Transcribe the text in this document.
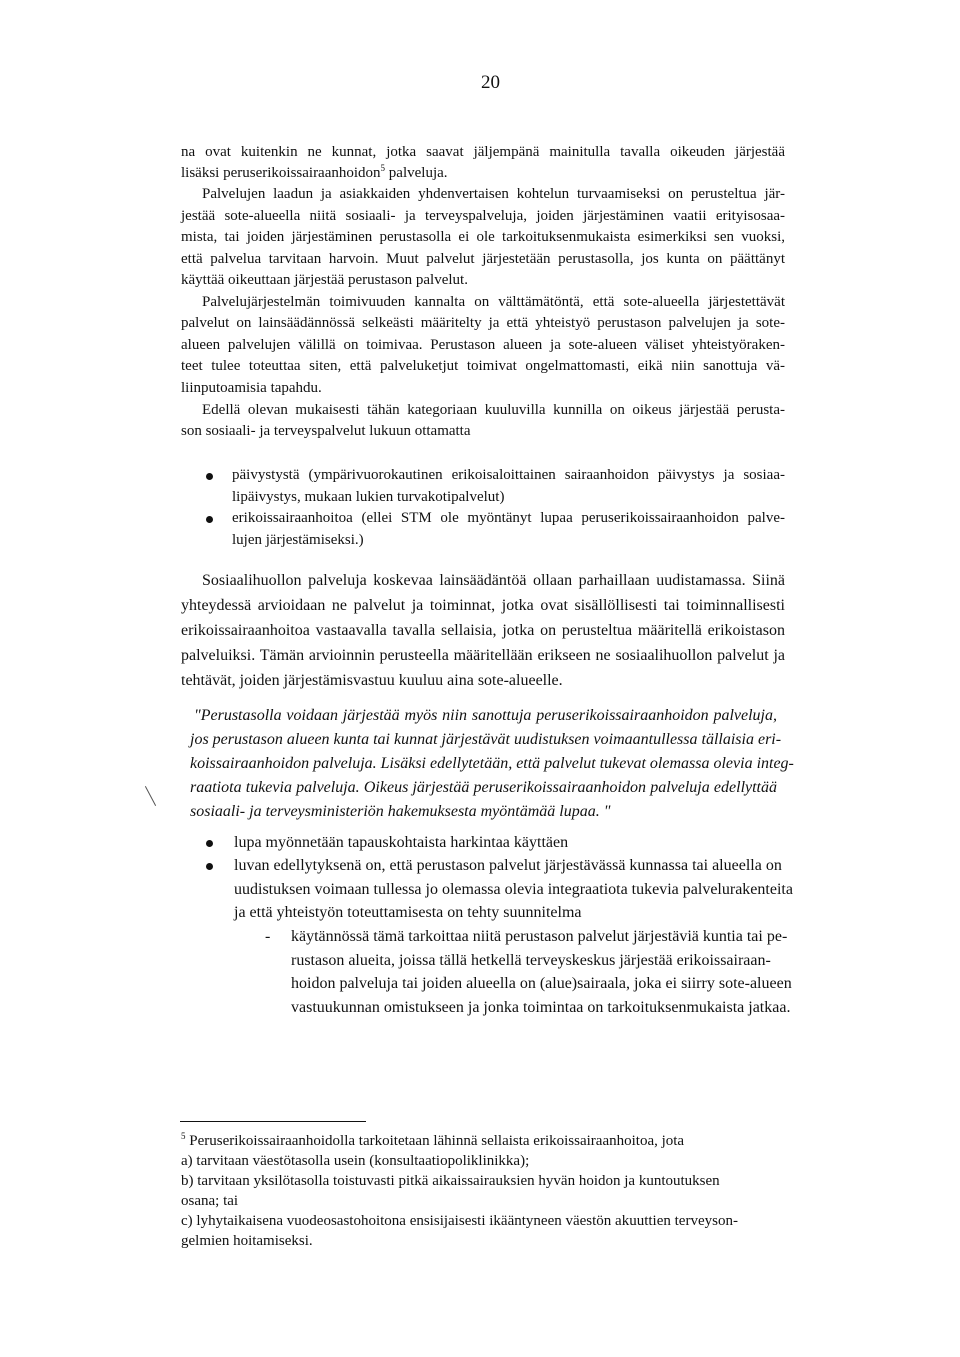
20
na ovat kuitenkin ne kunnat, jotka saavat jäljempänä mainitulla tavalla oikeuden järjestää
lisäksi peruserikoissairaanhoidon$^5$ palveluja.
Palvelujen laadun ja asiakkaiden yhdenvertaisen kohtelun turvaamiseksi on perusteltua jär-
jestää sote-alueella niitä sosiaali- ja terveyspalveluja, joiden järjestäminen vaatii erityisosaa-
mista, tai joiden järjestäminen perustasolla ei ole tarkoituksenmukaista esimerkiksi sen vuoksi,
että palvelua tarvitaan harvoin. Muut palvelut järjestetään perustasolla, jos kunta on päättänyt
käyttää oikeuttaan järjestää perustason palvelut.
Palvelujärjestelmän toimivuuden kannalta on välttämätöntä, että sote-alueella järjestettävät
palvelut on lainsäädännössä selkeästi määritelty ja että yhteistyö perustason palvelujen ja sote-
alueen palvelujen välillä on toimivaa. Perustason alueen ja sote-alueen väliset yhteistyöraken-
teet tulee toteuttaa siten, että palveluketjut toimivat ongelmattomasti, eikä niin sanottuja vä-
liinputoamisia tapahdu.
Edellä olevan mukaisesti tähän kategoriaan kuuluvilla kunnilla on oikeus järjestää perusta-
son sosiaali- ja terveyspalvelut lukuun ottamatta
päivystystä (ympärivuorokautinen erikoisaloittainen sairaanhoidon päivystys ja sosiaa-
lipäivystys, mukaan lukien turvakotipalvelut)
erikoissairaanhoitoa (ellei STM ole myöntänyt lupaa peruserikoissairaanhoidon palve-
lujen järjestämiseksi.)
Sosiaalihuollon palveluja koskevaa lainsäädäntöä ollaan parhaillaan uudistamassa. Siinä
yhteydessä arvioidaan ne palvelut ja toiminnat, jotka ovat sisällöllisesti tai toiminnallisesti
erikoissairaanhoitoa vastaavalla tavalla sellaisia, jotka on perusteltua määritellä erikoistason
palveluiksi. Tämän arvioinnin perusteella määritellään erikseen ne sosiaalihuollon palvelut ja
tehtävät, joiden järjestämisvastuu kuuluu aina sote-alueelle.
"Perustasolla voidaan järjestää myös niin sanottuja peruserikoissairaanhoidon palveluja,
jos perustason alueen kunta tai kunnat järjestävät uudistuksen voimaantullessa tällaisia eri-
koissairaanhoidon palveluja. Lisäksi edellytetään, että palvelut tukevat olemassa olevia integ-
raatiota tukevia palveluja. Oikeus järjestää peruserikoissairaanhoidon palveluja edellyttää
sosiaali- ja terveysministeriön hakemuksesta myöntämää lupaa. "
lupa myönnetään tapauskohtaista harkintaa käyttäen
luvan edellytyksenä on, että perustason palvelut järjestävässä kunnassa tai alueella on
uudistuksen voimaan tullessa jo olemassa olevia integraatiota tukevia palvelurakenteita
ja että yhteistyön toteuttamisesta on tehty suunnitelma
- käytännössä tämä tarkoittaa niitä perustason palvelut järjestäviä kuntia tai pe-
rustason alueita, joissa tällä hetkellä terveyskeskus järjestää erikoissairaan-
hoidon palveluja tai joiden alueella on (alue)sairaala, joka ei siirry sote-alueen
vastuukunnan omistukseen ja jonka toimintaa on tarkoituksenmukaista jatkaa.
$^5$ Peruserikoissairaanhoidolla tarkoitetaan lähinnä sellaista erikoissairaanhoitoa, jota
a) tarvitaan väestötasolla usein (konsultaatiopoliklinikka);
b) tarvitaan yksilötasolla toistuvasti pitkä aikaissairauksien hyvän hoidon ja kuntoutuksen
osana; tai
c) lyhytaikaisena vuodeosastohoitona ensisijaisesti ikääntyneen väestön akuuttien terveyson-
gelmien hoitamiseksi.
